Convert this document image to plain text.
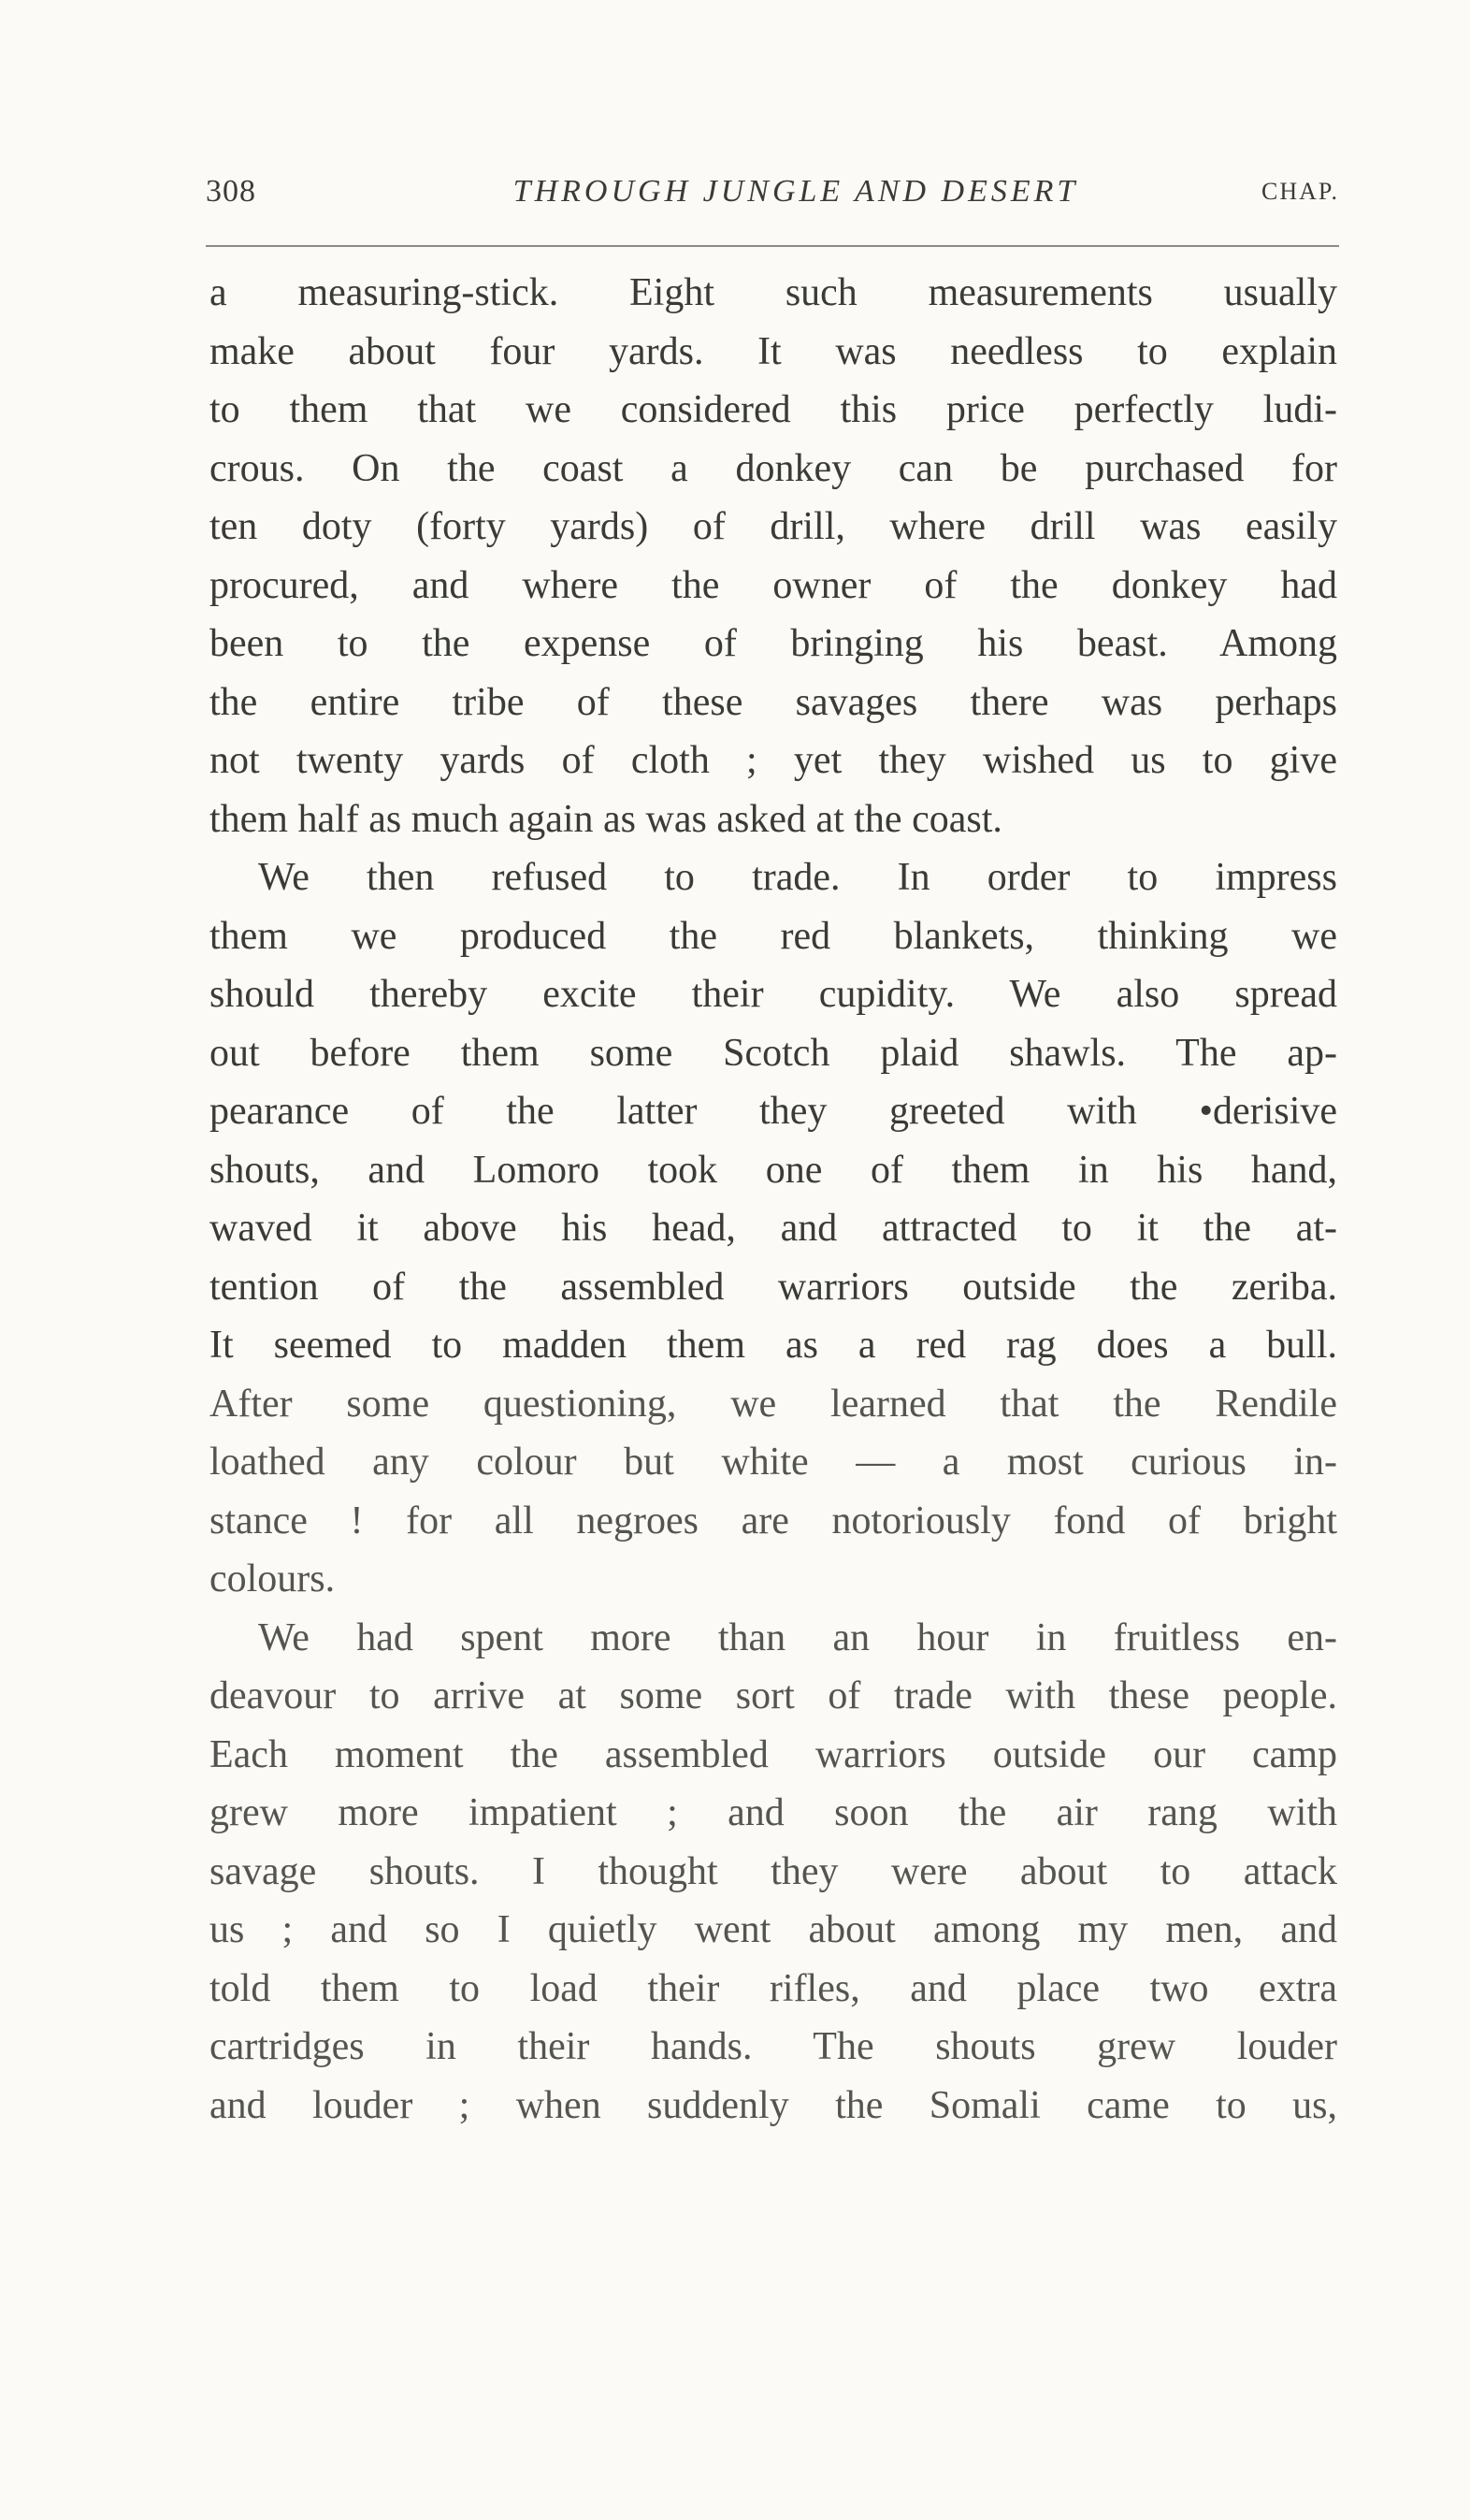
308	THROUGH JUNGLE AND DESERT	CHAP.
a measuring-stick. Eight such measurements usually
make about four yards. It was needless to explain
to them that we considered this price perfectly ludi-
crous. On the coast a donkey can be purchased for
ten doty (forty yards) of drill, where drill was easily
procured, and where the owner of the donkey had
been to the expense of bringing his beast. Among
the entire tribe of these savages there was perhaps
not twenty yards of cloth ; yet they wished us to give
them half as much again as was asked at the coast.
We then refused to trade. In order to impress
them we produced the red blankets, thinking we
should thereby excite their cupidity. We also spread
out before them some Scotch plaid shawls. The ap-
pearance of the latter they greeted with •derisive
shouts, and Lomoro took one of them in his hand,
waved it above his head, and attracted to it the at-
tention of the assembled warriors outside the zeriba.
It seemed to madden them as a red rag does a bull.
After some questioning, we learned that the Rendile
loathed any colour but white — a most curious in-
stance ! for all negroes are notoriously fond of bright
colours.
We had spent more than an hour in fruitless en-
deavour to arrive at some sort of trade with these people.
Each moment the assembled warriors outside our camp
grew more impatient ; and soon the air rang with
savage shouts. I thought they were about to attack
us ; and so I quietly went about among my men, and
told them to load their rifles, and place two extra
cartridges in their hands. The shouts grew louder
and louder ; when suddenly the Somali came to us,
